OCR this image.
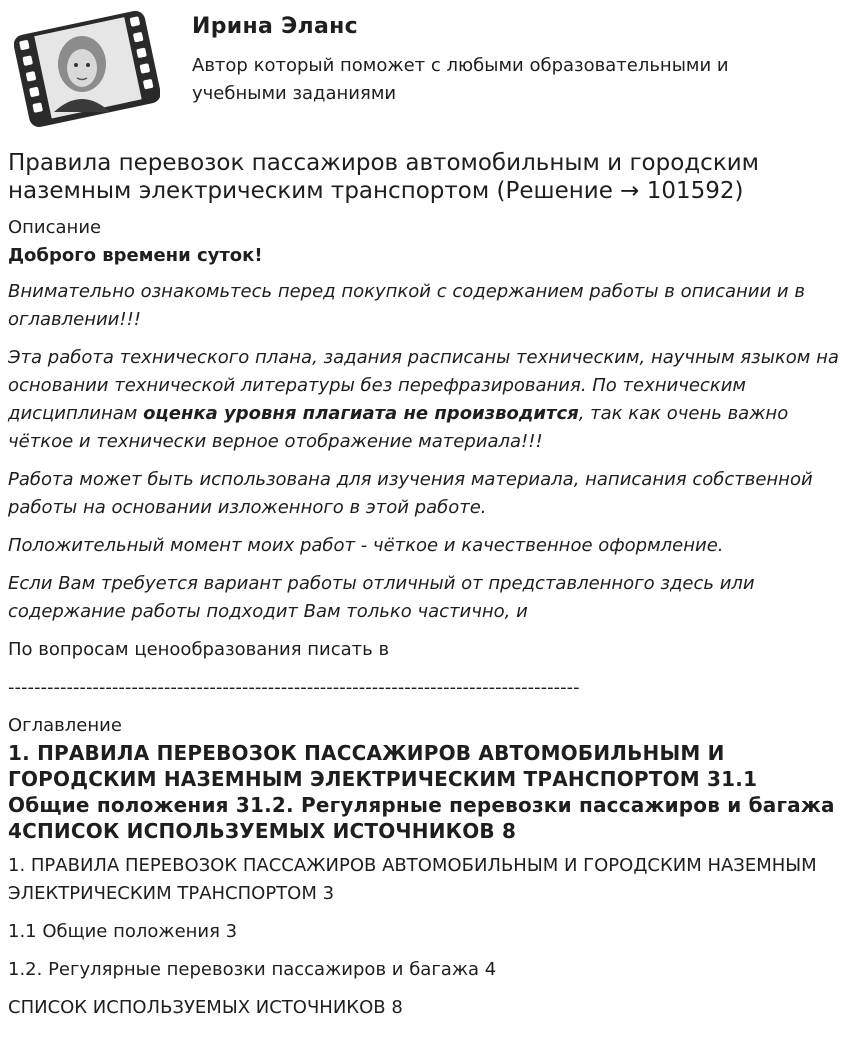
Ирина Эланс
Автор который поможет с любыми образовательными и учебными заданиями
Правила перевозок пассажиров автомобильным и городским наземным электрическим транспортом (Решение → 101592)
Описание
Доброго времени суток!

Внимательно ознакомьтесь перед покупкой с содержанием работы в описании и в оглавлении!!!

Эта работа технического плана, задания расписаны техническим, научным языком на основании технической литературы без перефразирования. По техническим дисциплинам оценка уровня плагиата не производится, так как очень важно чёткое и технически верное отображение материала!!!

Работа может быть использована для изучения материала, написания собственной работы на основании изложенного в этой работе.

Положительный момент моих работ - чёткое и качественное оформление.

Если Вам требуется вариант работы отличный от представленного здесь или содержание работы подходит Вам только частично, и

По вопросам ценообразования писать в

----------------------------------------------------------------------------------------

Оглавление

1. ПРАВИЛА ПЕРЕВОЗОК ПАССАЖИРОВ АВТОМОБИЛЬНЫМ И ГОРОДСКИМ НАЗЕМНЫМ ЭЛЕКТРИЧЕСКИМ ТРАНСПОРТОМ 31.1 Общие положения 31.2. Регулярные перевозки пассажиров и багажа 4СПИСОК ИСПОЛЬЗУЕМЫХ ИСТОЧНИКОВ 8

1. ПРАВИЛА ПЕРЕВОЗОК ПАССАЖИРОВ АВТОМОБИЛЬНЫМ И ГОРОДСКИМ НАЗЕМНЫМ ЭЛЕКТРИЧЕСКИМ ТРАНСПОРТОМ 3

1.1 Общие положения 3

1.2. Регулярные перевозки пассажиров и багажа 4

СПИСОК ИСПОЛЬЗУЕМЫХ ИСТОЧНИКОВ 8
